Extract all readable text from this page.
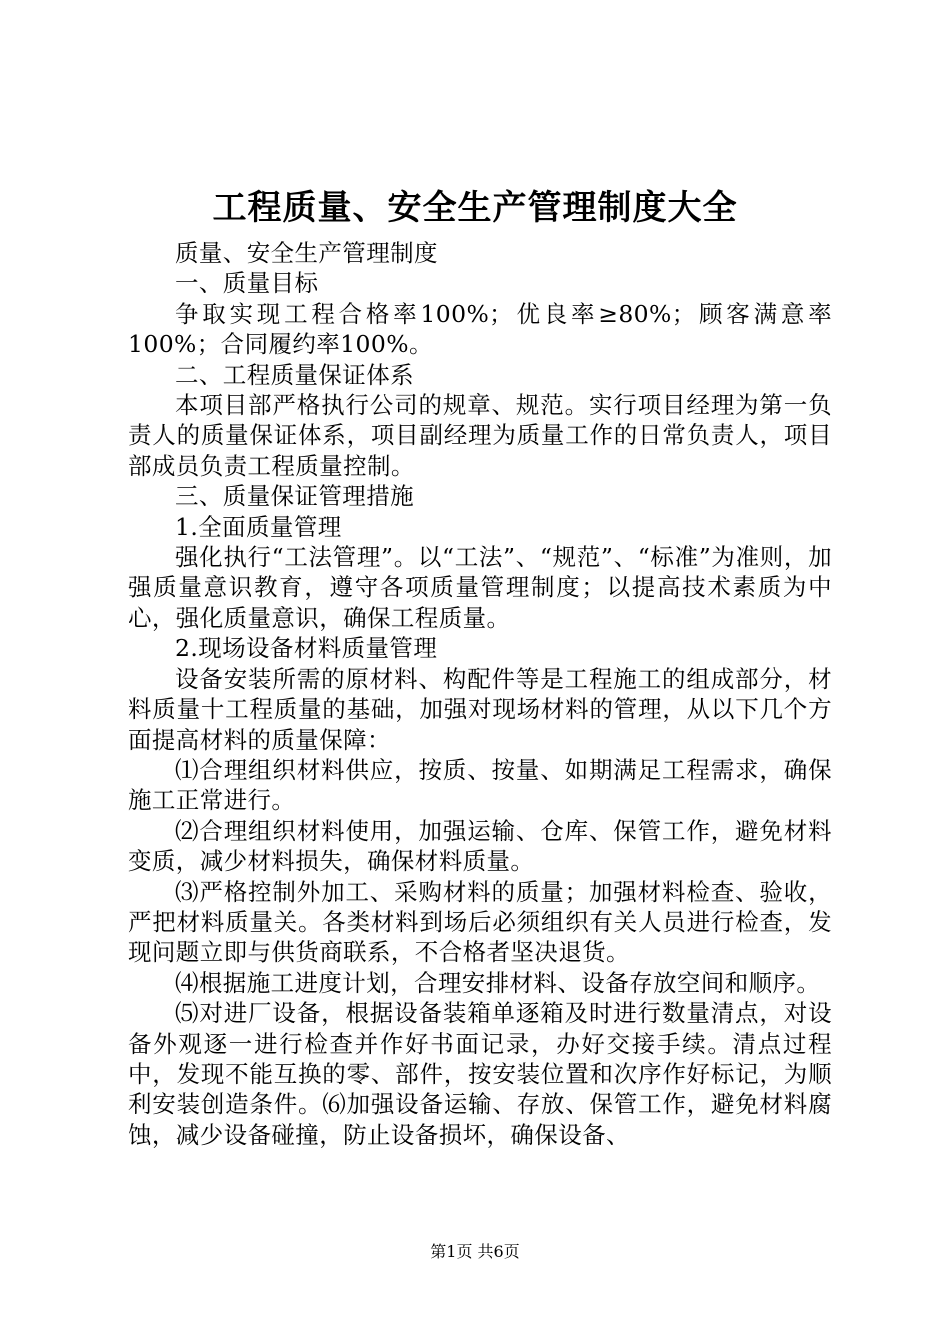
工程质量、安全生产管理制度大全

质量、安全生产管理制度

一、质量目标

争取实现工程合格率100%；优良率≥80%；顾客满意率100%；合同履约率100%。

二、工程质量保证体系

本项目部严格执行公司的规章、规范。实行项目经理为第一负责人的质量保证体系，项目副经理为质量工作的日常负责人，项目部成员负责工程质量控制。

三、质量保证管理措施

1.全面质量管理

强化执行“工法管理”。以“工法”、“规范”、“标准”为准则，加强质量意识教育，遵守各项质量管理制度；以提高技术素质为中心，强化质量意识，确保工程质量。

2.现场设备材料质量管理

设备安装所需的原材料、构配件等是工程施工的组成部分，材料质量十工程质量的基础，加强对现场材料的管理，从以下几个方面提高材料的质量保障：

⑴合理组织材料供应，按质、按量、如期满足工程需求，确保施工正常进行。

⑵合理组织材料使用，加强运输、仓库、保管工作，避免材料变质，减少材料损失，确保材料质量。

⑶严格控制外加工、采购材料的质量；加强材料检查、验收，严把材料质量关。各类材料到场后必须组织有关人员进行检查，发现问题立即与供货商联系，不合格者坚决退货。

⑷根据施工进度计划，合理安排材料、设备存放空间和顺序。

⑸对进厂设备，根据设备装箱单逐箱及时进行数量清点，对设备外观逐一进行检查并作好书面记录，办好交接手续。清点过程中，发现不能互换的零、部件，按安装位置和次序作好标记，为顺利安装创造条件。⑹加强设备运输、存放、保管工作，避免材料腐蚀，减少设备碰撞，防止设备损坏，确保设备、

第1页 共6页
